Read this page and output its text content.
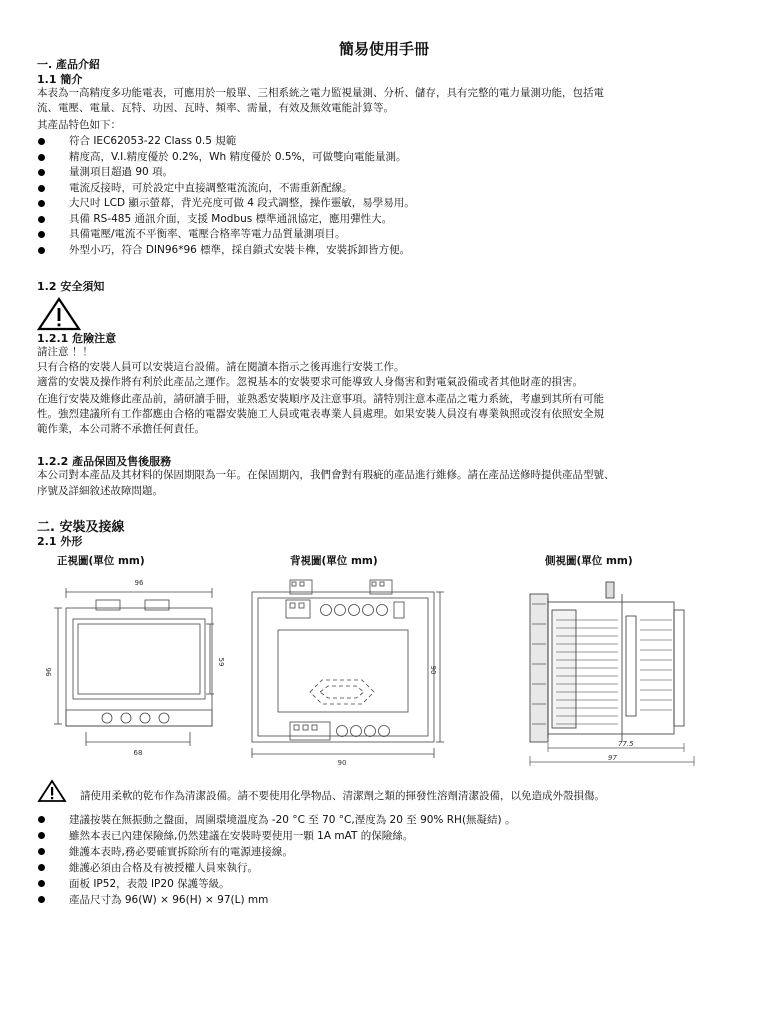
簡易使用手冊
一. 產品介紹
1.1 簡介
本表為一高精度多功能電表，可應用於一般單、三相系統之電力監視量測、分析、儲存，具有完整的電力量測功能，包括電
流、電壓、電量、瓦特、功因、瓦時、頻率、需量，有效及無效電能計算等。
其產品特色如下：
符合 IEC62053-22 Class 0.5 規範
精度高，V.I.精度優於 0.2%，Wh 精度優於 0.5%，可做雙向電能量測。
量測項目超過 90 項。
電流反接時，可於設定中直接調整電流流向，不需重新配線。
大尺吋 LCD 顯示螢幕，背光亮度可做 4 段式調整，操作靈敏，易學易用。
具備 RS-485 通訊介面，支援 Modbus 標準通訊協定，應用彈性大。
具備電壓/電流不平衡率、電壓合格率等電力品質量測項目。
外型小巧，符合 DIN96*96 標準，採自鎖式安裝卡榫，安裝拆卸皆方便。
1.2 安全須知
1.2.1 危險注意
請注意 ！！
只有合格的安裝人員可以安裝這台設備。請在閱讀本指示之後再進行安裝工作。
適當的安裝及操作將有利於此產品之運作。忽視基本的安裝要求可能導致人身傷害和對電氣設備或者其他財產的損害。
在進行安裝及維修此產品前，請研讀手冊，並熟悉安裝順序及注意事項。請特別注意本產品之電力系統，考慮到其所有可能
性。強烈建議所有工作都應由合格的電器安裝施工人員或電表專業人員處理。如果安裝人員沒有專業執照或沒有依照安全規
範作業，本公司將不承擔任何責任。
1.2.2 產品保固及售後服務
本公司對本產品及其材料的保固期限為一年。在保固期內，我們會對有瑕疵的產品進行維修。請在產品送修時提供產品型號、
序號及詳細敘述故障問題。
二. 安裝及接線
2.1 外形
正視圖(單位 mm)	背視圖(單位 mm)	側視圖(單位 mm)
96
96
59
68
90
90
77.5
97
請使用柔軟的乾布作為清潔設備。請不要使用化學物品、清潔劑之類的揮發性溶劑清潔設備，以免造成外殼損傷。
建議按裝在無振動之盤面，周圍環境溫度為 -20 °C 至 70 °C,溼度為 20 至 90% RH(無凝結) 。
雖然本表已內建保險絲,仍然建議在安裝時要使用一顆 1A mAT 的保險絲。
維護本表時,務必要確實拆除所有的電源連接線。
維護必須由合格及有被授權人員來執行。
面板 IP52，表殼 IP20 保護等級。
產品尺寸為 96(W) × 96(H) × 97(L) mm
